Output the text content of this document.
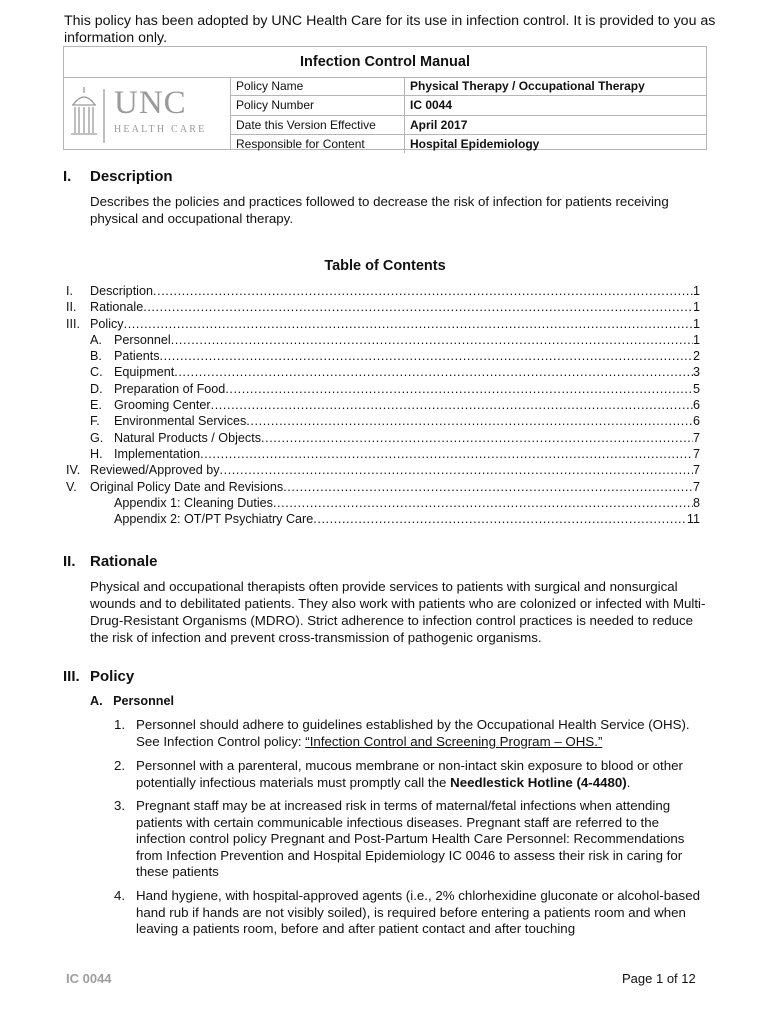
This policy has been adopted by UNC Health Care for its use in infection control. It is provided to you as information only.
Infection Control Manual
UNC
HEALTH CARE
Policy Name	Physical Therapy / Occupational Therapy
Policy Number	IC 0044
Date this Version Effective	April 2017
Responsible for Content	Hospital Epidemiology
I. Description
Describes the policies and practices followed to decrease the risk of infection for patients receiving physical and occupational therapy.
Table of Contents
I.	Description .....	1
II.	Rationale .....	1
III. Policy .....	1
A. Personnel .....	1
B. Patients .....	2
C. Equipment .....	3
D. Preparation of Food .....	5
E. Grooming Center .....	6
F.	Environmental Services .....	6
G. Natural Products / Objects .....	7
H. Implementation .....	7
IV. Reviewed/Approved by .....	7
V.	Original Policy Date and Revisions .....	7
Appendix 1: Cleaning Duties .....	8
Appendix 2: OT/PT Psychiatry Care .....	11
II. Rationale
Physical and occupational therapists often provide services to patients with surgical and nonsurgical wounds and to debilitated patients. They also work with patients who are colonized or infected with Multi-Drug-Resistant Organisms (MDRO). Strict adherence to infection control practices is needed to reduce the risk of infection and prevent cross-transmission of pathogenic organisms.
III. Policy
A.   Personnel
1. Personnel should adhere to guidelines established by the Occupational Health Service (OHS). See Infection Control policy: “Infection Control and Screening Program – OHS.”
2. Personnel with a parenteral, mucous membrane or non-intact skin exposure to blood or other potentially infectious materials must promptly call the Needlestick Hotline (4-4480).
3. Pregnant staff may be at increased risk in terms of maternal/fetal infections when attending patients with certain communicable infectious diseases. Pregnant staff are referred to the infection control policy Pregnant and Post-Partum Health Care Personnel: Recommendations from Infection Prevention and Hospital Epidemiology IC 0046 to assess their risk in caring for these patients
4. Hand hygiene, with hospital-approved agents (i.e., 2% chlorhexidine gluconate or alcohol-based hand rub if hands are not visibly soiled), is required before entering a patients room and when leaving a patients room, before and after patient contact and after touching
IC 0044	Page 1 of 12
